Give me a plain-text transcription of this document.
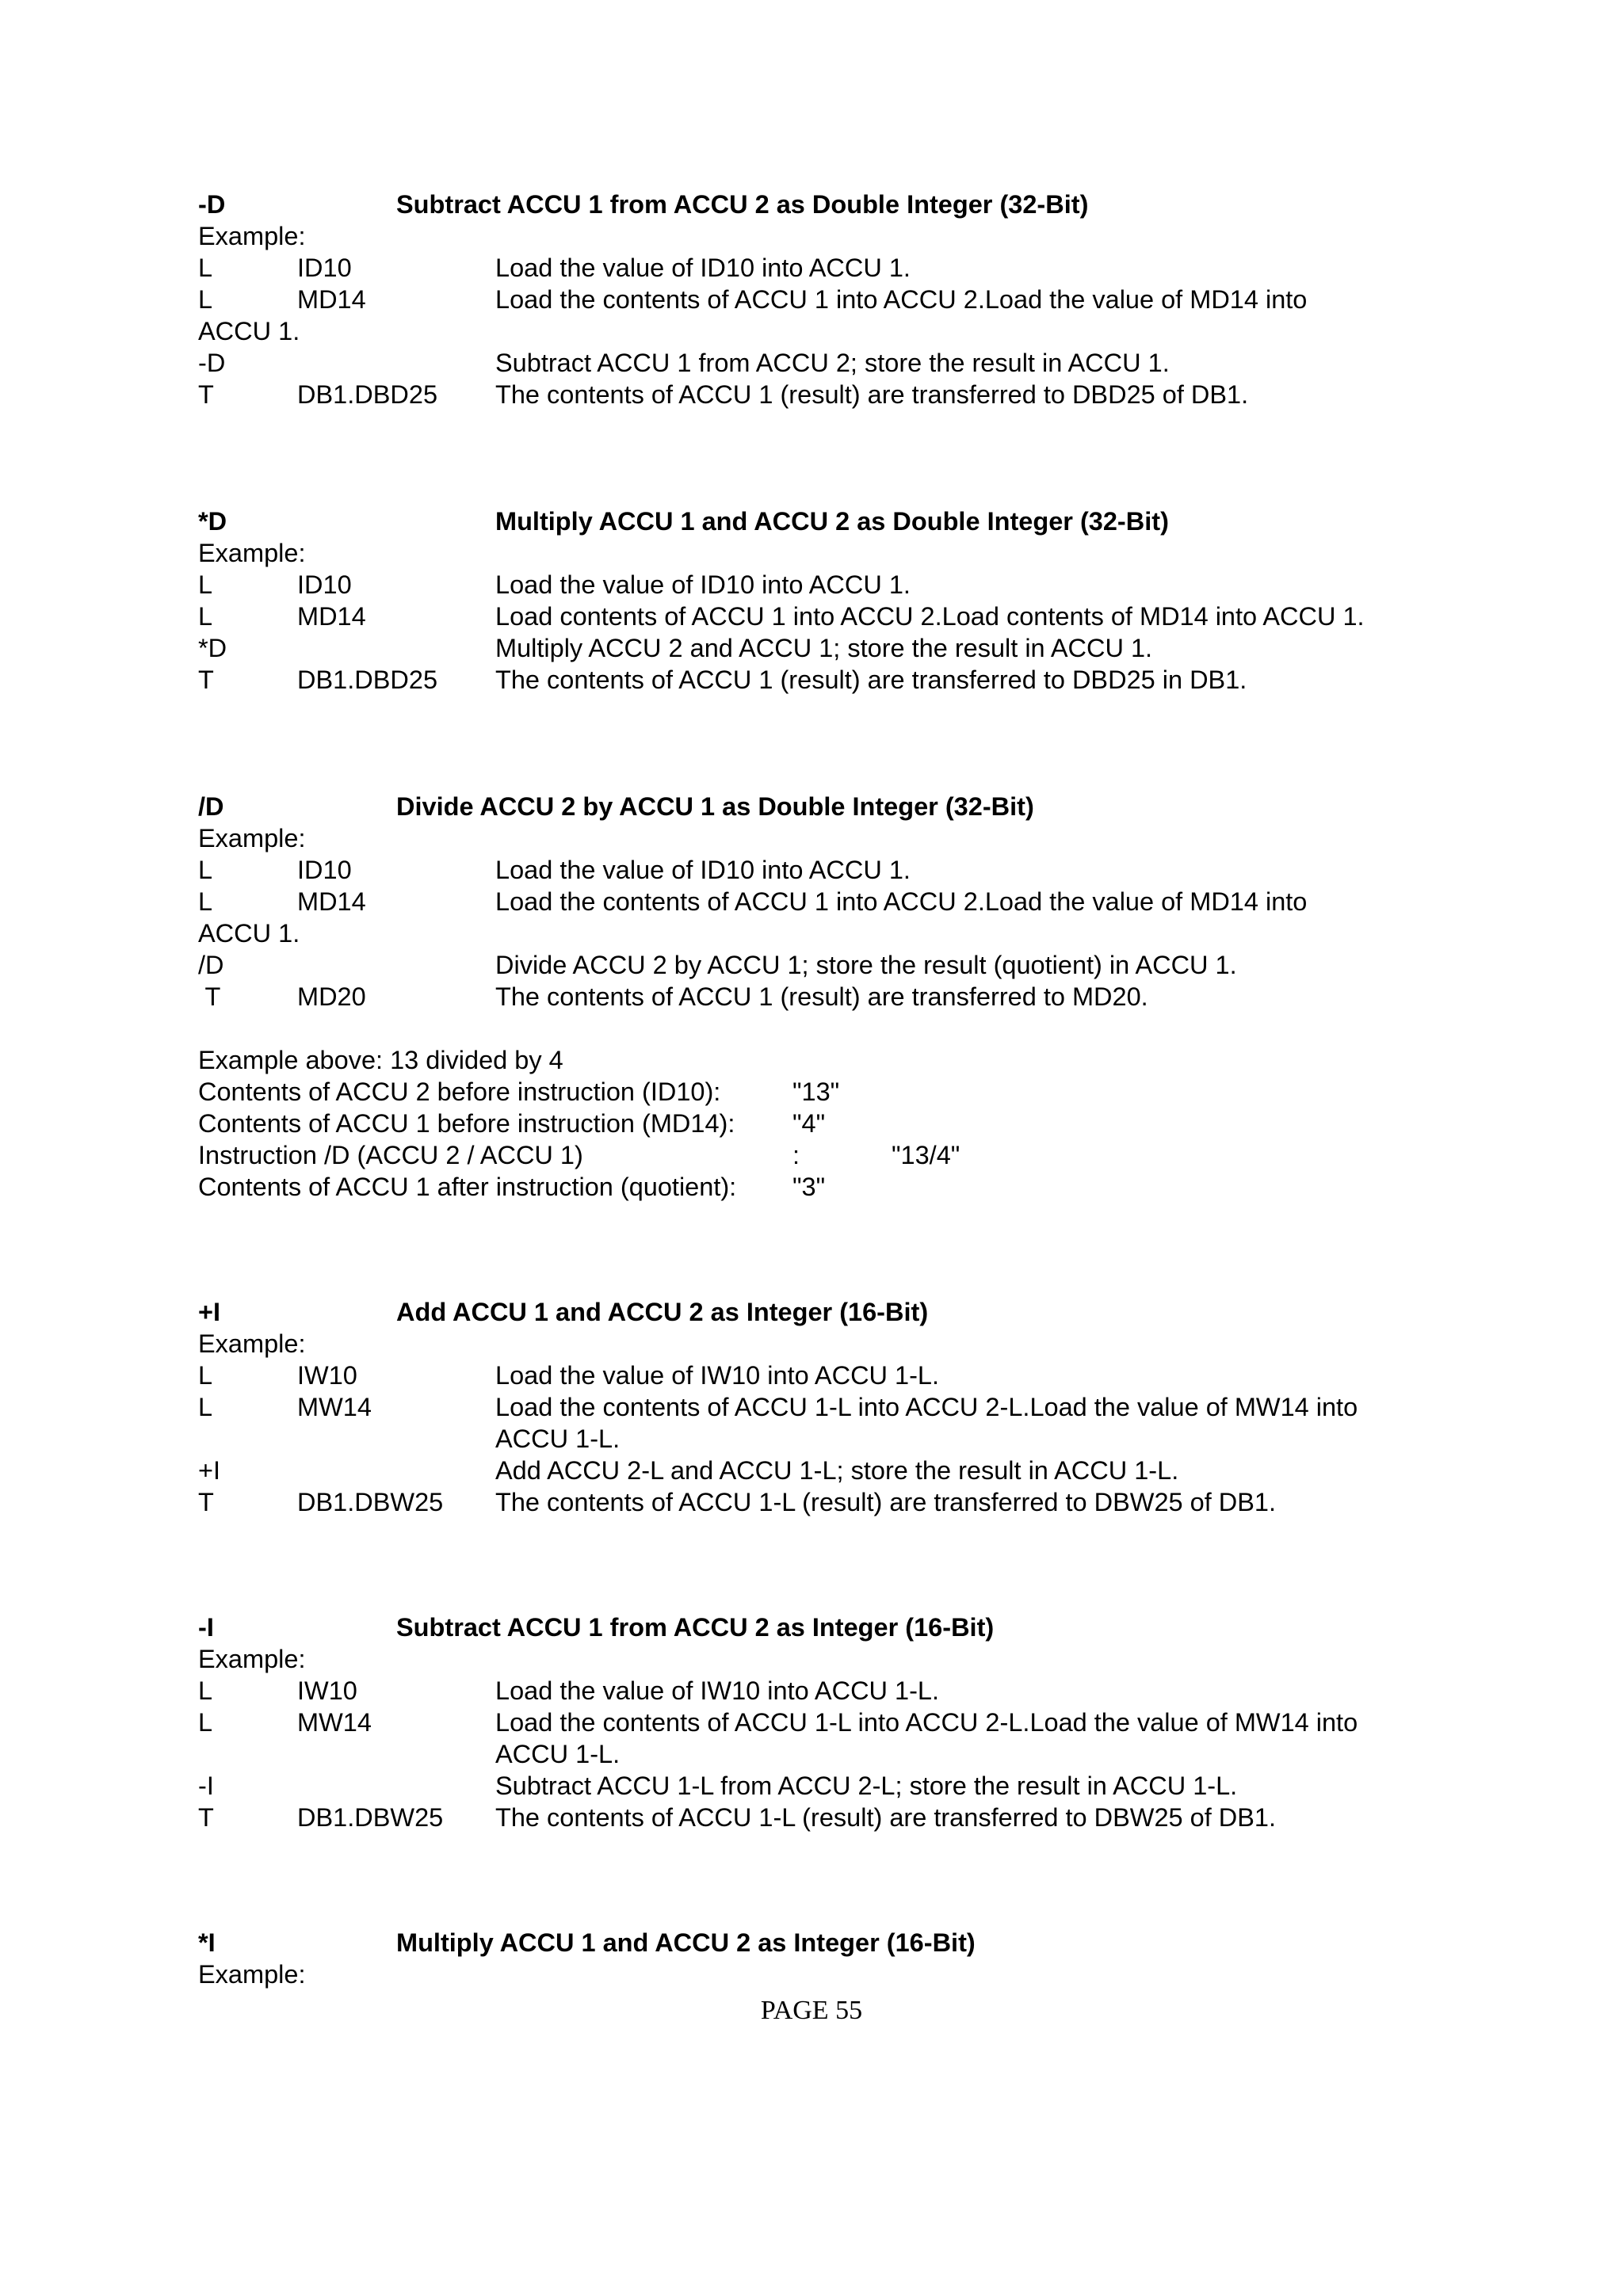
-D	Subtract ACCU 1 from ACCU 2 as Double Integer (32-Bit)
Example:
L	ID10	Load the value of ID10 into ACCU 1.
L	MD14	Load the contents of ACCU 1 into ACCU 2.Load the value of MD14 into
ACCU 1.
-D	Subtract ACCU 1 from ACCU 2; store the result in ACCU 1.
T	DB1.DBD25 The contents of ACCU 1 (result) are transferred to DBD25 of DB1.
*D	Multiply ACCU 1 and ACCU 2 as Double Integer (32-Bit)
Example:
L	ID10	Load the value of ID10 into ACCU 1.
L	MD14	Load contents of ACCU 1 into ACCU 2.Load contents of MD14 into ACCU 1.
*D	Multiply ACCU 2 and ACCU 1; store the result in ACCU 1.
T	DB1.DBD25 The contents of ACCU 1 (result) are transferred to DBD25 in DB1.
/D	Divide ACCU 2 by ACCU 1 as Double Integer (32-Bit)
Example:
L	ID10	Load the value of ID10 into ACCU 1.
L	MD14	Load the contents of ACCU 1 into ACCU 2.Load the value of MD14 into
ACCU 1.
/D	Divide ACCU 2 by ACCU 1; store the result (quotient) in ACCU 1.
T	MD20	The contents of ACCU 1 (result) are transferred to MD20.
Example above: 13 divided by 4
Contents of ACCU 2 before instruction (ID10):	"13"
Contents of ACCU 1 before instruction (MD14): "4"
Instruction /D (ACCU 2 / ACCU 1)	:	"13/4"
Contents of ACCU 1 after instruction (quotient): "3"
+I	Add ACCU 1 and ACCU 2 as Integer (16-Bit)
Example:
L	IW10	Load the value of IW10 into ACCU 1-L.
L	MW14	Load the contents of ACCU 1-L into ACCU 2-L.Load the value of MW14 into
ACCU 1-L.
+I	Add ACCU 2-L and ACCU 1-L; store the result in ACCU 1-L.
T	DB1.DBW25 The contents of ACCU 1-L (result) are transferred to DBW25 of DB1.
-I	Subtract ACCU 1 from ACCU 2 as Integer (16-Bit)
Example:
L	IW10	Load the value of IW10 into ACCU 1-L.
L	MW14	Load the contents of ACCU 1-L into ACCU 2-L.Load the value of MW14 into
ACCU 1-L.
-I	Subtract ACCU 1-L from ACCU 2-L; store the result in ACCU 1-L.
T	DB1.DBW25 The contents of ACCU 1-L (result) are transferred to DBW25 of DB1.
*I	Multiply ACCU 1 and ACCU 2 as Integer (16-Bit)
Example:
PAGE 55
